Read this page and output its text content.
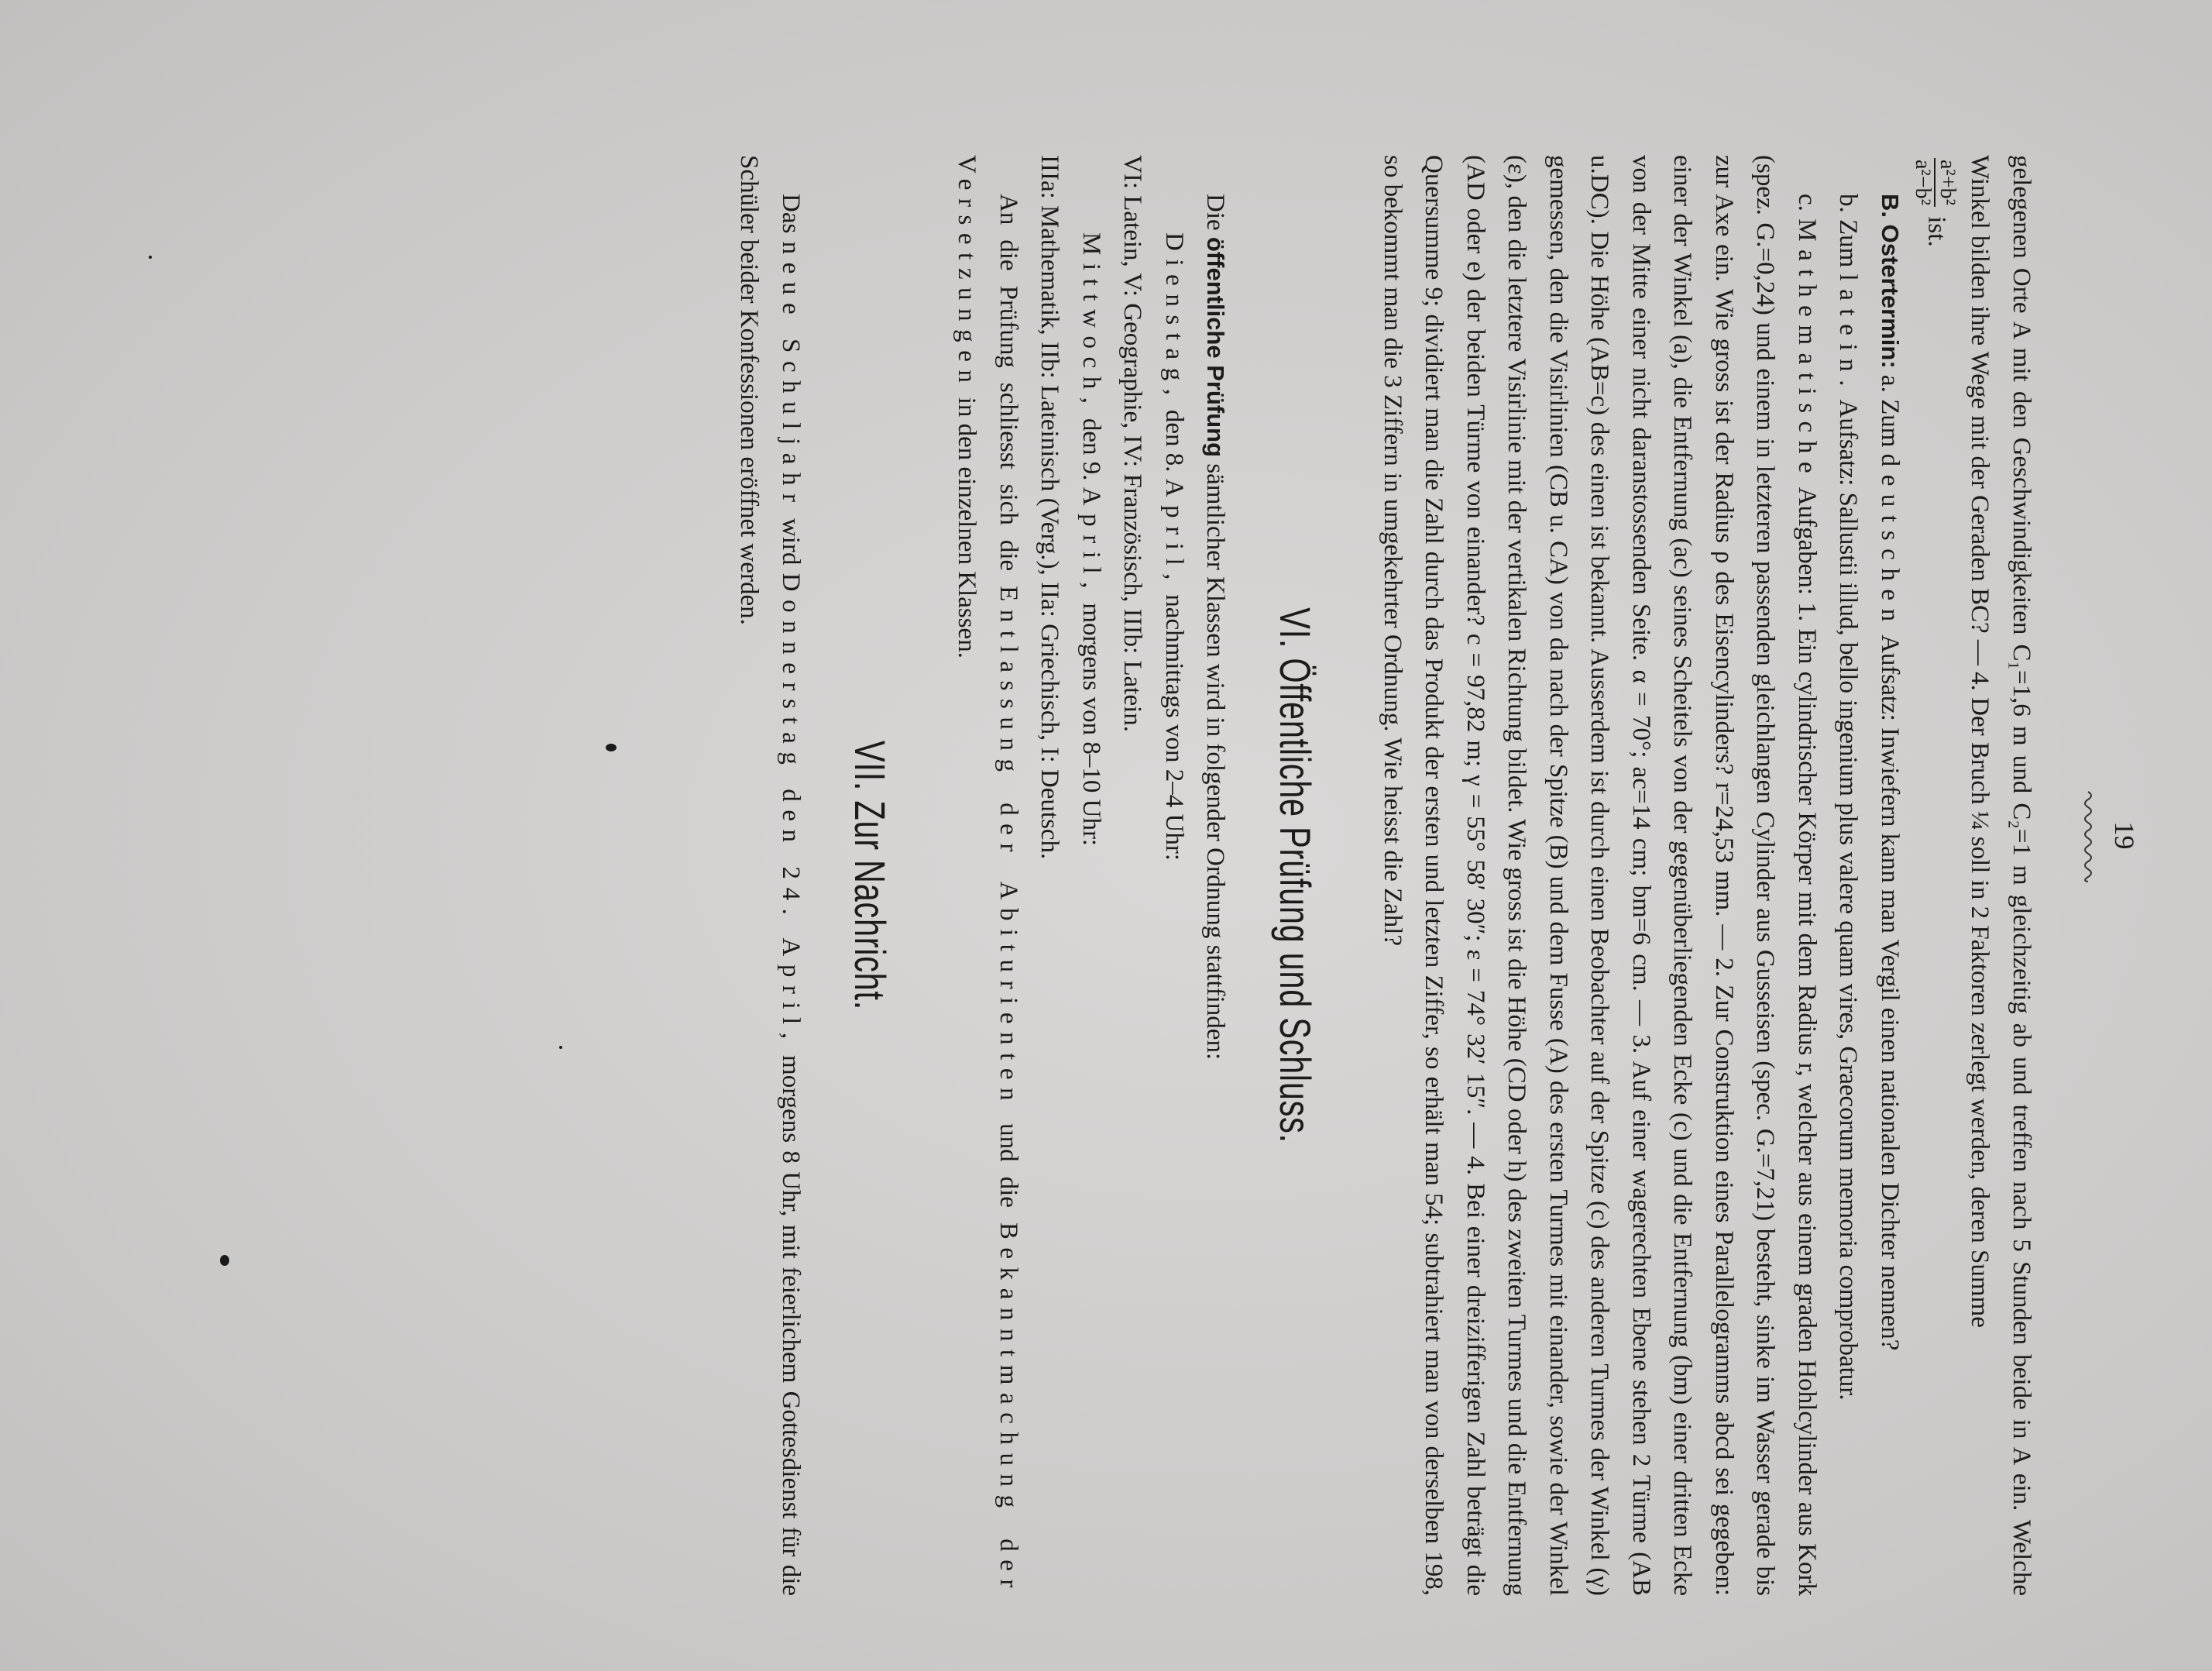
19

gelegenen Orte A mit den Geschwindigkeiten C₁=1,6 m und C₂=1 m gleichzeitig ab und treffen nach 5 Stunden beide in A ein. Welche Winkel bilden ihre Wege mit der Geraden BC? — 4. Der Bruch ¼ soll in 2 Faktoren zerlegt werden, deren Summe

a²+b²
a²−b²
ist.

B. Ostertermin: a. Zum deutschen Aufsatz: Inwiefern kann man Vergil einen nationalen Dichter nennen?

b. Zum latein. Aufsatz: Sallustii illud, bello ingenium plus valere quam vires, Graecorum memoria comprobatur.

c. Mathematische Aufgaben: 1. Ein cylindrischer Körper mit dem Radius r, welcher aus einem graden Hohlcylinder aus Kork (spez. G.=0,24) und einem in letzteren passenden gleichlangen Cylinder aus Gusseisen (spec. G.=7,21) besteht, sinke im Wasser gerade bis zur Axe ein. Wie gross ist der Radius ρ des Eisencylinders? r=24,53 mm. — 2. Zur Construktion eines Parallelogramms abcd sei gegeben: einer der Winkel (a), die Entfernung (ac) seines Scheitels von der gegenüberliegenden Ecke (c) und die Entfernung (bm) einer dritten Ecke von der Mitte einer nicht daranstossenden Seite. α = 70°; ac=14 cm; bm=6 cm. — 3. Auf einer wagerechten Ebene stehen 2 Türme (AB u.DC). Die Höhe (AB=c) des einen ist bekannt. Ausserdem ist durch einen Beobachter auf der Spitze (c) des anderen Turmes der Winkel (γ) gemessen, den die Visirlinien (CB u. CA) von da nach der Spitze (B) und dem Fusse (A) des ersten Turmes mit einander, sowie der Winkel (ε), den die letztere Visirlinie mit der vertikalen Richtung bildet. Wie gross ist die Höhe (CD oder h) des zweiten Turmes und die Entfernung (AD oder e) der beiden Türme von einander? c = 97,82 m; γ = 55° 58′ 30″; ε = 74° 32′ 15″. — 4. Bei einer dreizifferigen Zahl beträgt die Quersumme 9; dividiert man die Zahl durch das Produkt der ersten und letzten Ziffer, so erhält man 54; subtrahiert man von derselben 198, so bekommt man die 3 Ziffern in umgekehrter Ordnung. Wie heisst die Zahl?

VI. Öffentliche Prüfung und Schluss.

Die öffentliche Prüfung sämtlicher Klassen wird in folgender Ordnung stattfinden:

Dienstag, den 8. April, nachmittags von 2–4 Uhr:

VI: Latein, V: Geographie, IV: Französisch, IIIb: Latein.

Mittwoch, den 9. April, morgens von 8–10 Uhr:

IIIa: Mathematik, IIb: Lateinisch (Verg.), IIa: Griechisch, I: Deutsch.

An die Prüfung schliesst sich die Entlassung der Abiturienten und die Bekanntmachung der Versetzungen in den einzelnen Klassen.

VII. Zur Nachricht.

Das neue Schuljahr wird Donnerstag den 24. April, morgens 8 Uhr, mit feierlichem Gottesdienst für die Schüler beider Konfessionen eröffnet werden.
